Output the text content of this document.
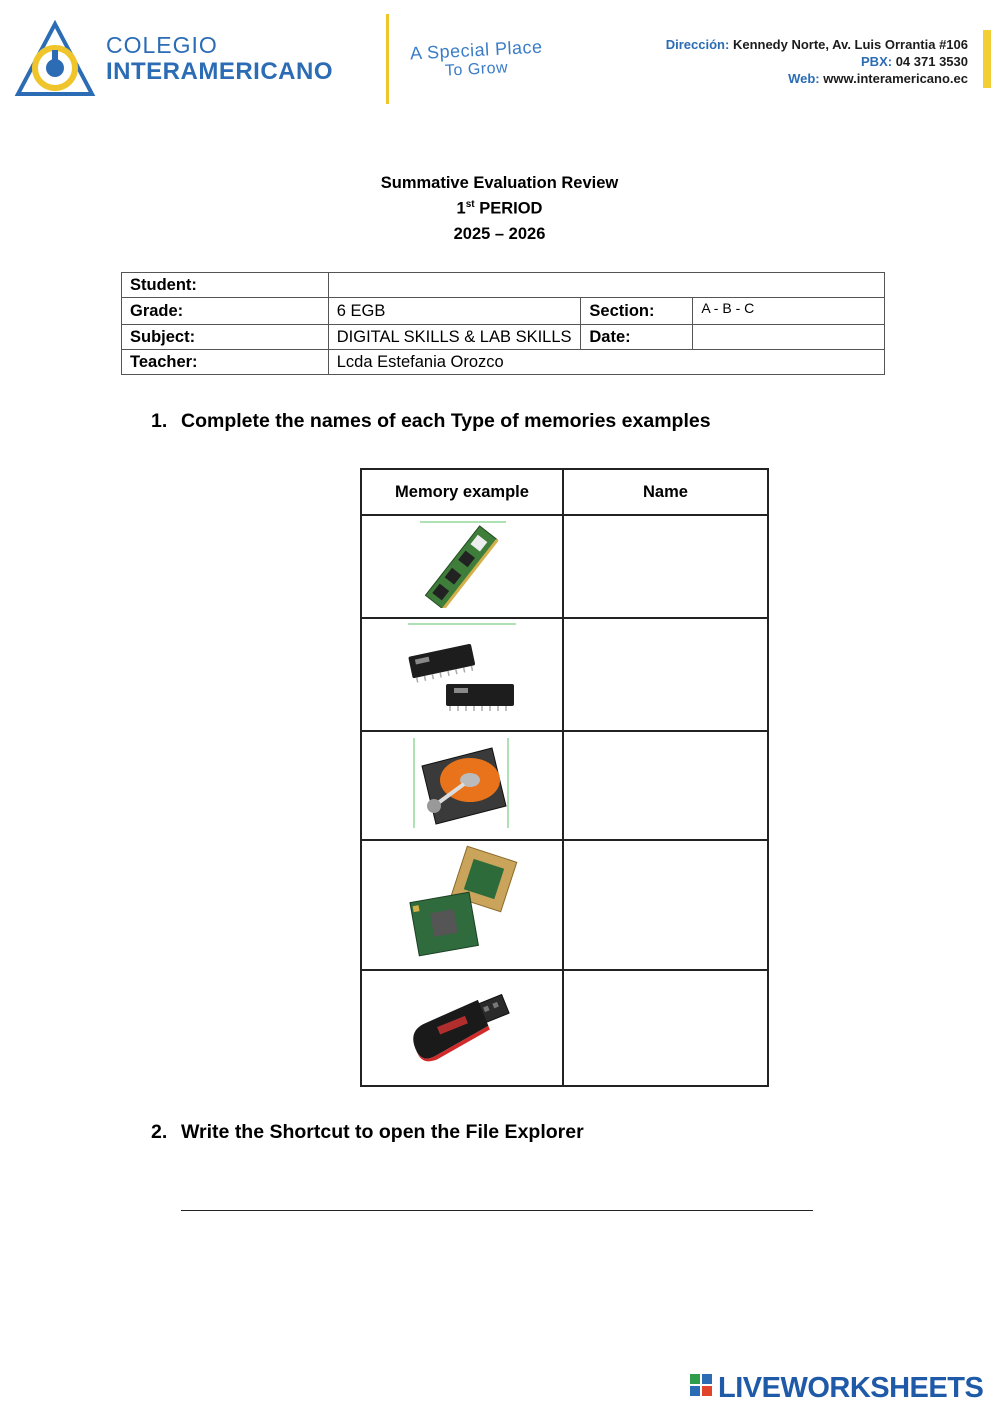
COLEGIO
INTERAMERICANO
A Special Place
To Grow
Dirección: Kennedy Norte, Av. Luis Orrantia #106
PBX: 04 371 3530
Web: www.interamericano.ec
Summative Evaluation Review
1st PERIOD
2025 – 2026
Student:			
Grade:	6 EGB	Section:	A - B - C
Subject:	DIGITAL SKILLS & LAB SKILLS	Date:	
Teacher:	Lcda Estefania Orozco		
1. Complete the names of each Type of memories examples
Memory example	Name

2. Write the Shortcut to open the File Explorer
LIVEWORKSHEETS
